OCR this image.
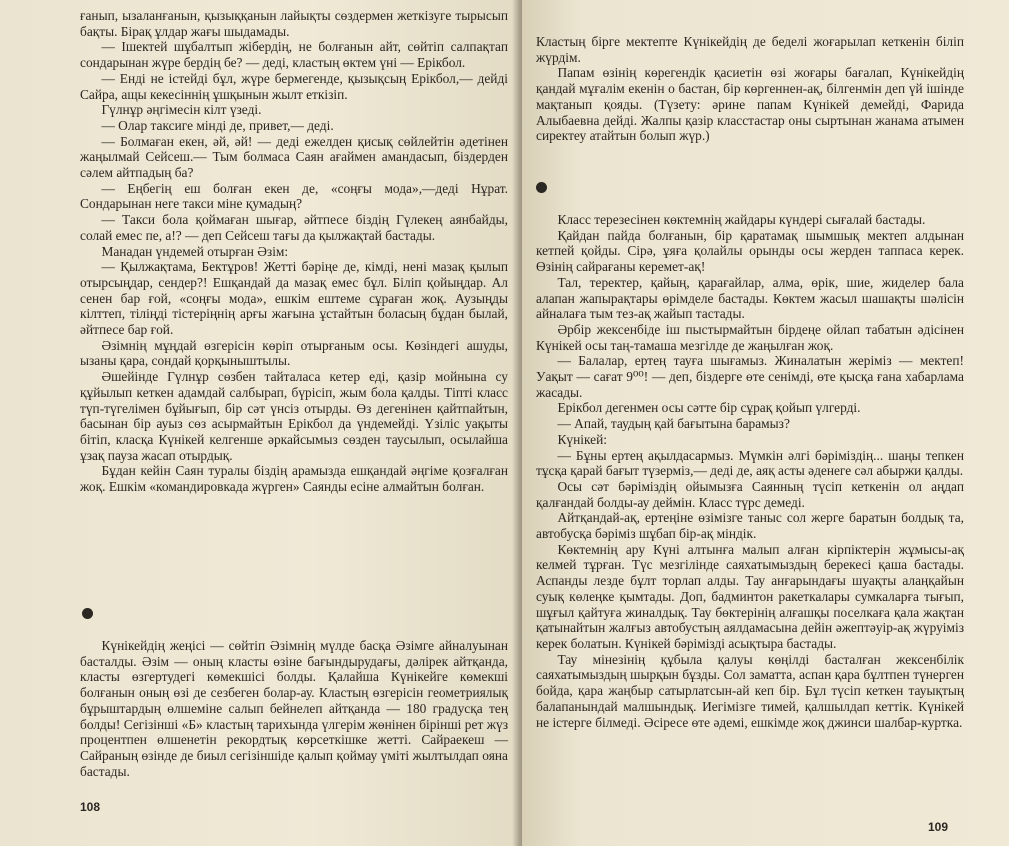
ғанып, ызаланғанын, қызыққанын лайықты сөздермен жеткізуге тырысып бақты. Бірақ ұлдар жағы шыдамады.

— Ішектей шұбалтып жібердің, не болғанын айт, сөйтіп салпақтап сондарынан жүре бердің бе? — деді, кластың өктем үні — Ерікбол.

— Енді не істейді бұл, жүре бермегенде, қызықсың Ерікбол,— дейді Сайра, ащы кекесіннің ұшқынын жылт еткізіп.

Гүлнұр әңгімесін кілт үзеді.

— Олар таксиге мінді де, привет,— деді.

— Болмаған екен, әй, әй! — деді ежелден қисық сөйлейтін әдетінен жаңылмай Сейсеш.— Тым болмаса Саян ағаймен амандасып, біздерден сәлем айтпадың ба?

— Еңбегің еш болған екен де, «соңғы мода»,—деді Нұрат. Сондарынан неге такси міне қумадың?

— Такси бола қоймаған шығар, әйтпесе біздің Гүлекең аянбайды, солай емес пе, а!? — деп Сейсеш тағы да қылжақтай бастады.

Манадан үндемей отырған Әзім:

— Қылжақтама, Бектұров! Жетті бәріңе де, кімді, нені мазақ қылып отырсыңдар, сендер?! Ешқандай да мазақ емес бұл. Біліп қойыңдар. Ал сенен бар ғой, «соңғы мода», ешкім ештеме сұраған жоқ. Аузыңды кілттеп, тіліңді тістеріңнің арғы жағына ұстайтын боласың бұдан былай, әйтпесе бар ғой.

Әзімнің мұңдай өзгерісін көріп отырғаным осы. Көзіндегі ашуды, ызаны қара, сондай қорқыныштылы.

Әшейінде Гүлнұр сөзбен тайталаса кетер еді, қазір мойнына су құйылып кеткен адамдай салбырап, бүрісіп, жым бола қалды. Тіпті класс түп-түгелімен бұйығып, бір сәт үнсіз отырды. Өз дегенінен қайтпайтын, басынан бір ауыз сөз асырмайтын Ерікбол да үндемейді. Үзіліс уақыты бітіп, класқа Күнікей келгенше әркайсымыз сөзден таусылып, осылайша ұзақ пауза жасап отырдық.

Бұдан кейін Саян туралы біздің арамызда ешқандай әңгіме қозғалған жоқ. Ешкім «командировкада жүрген» Саянды есіне алмайтын болған.

Күнікейдің жеңісі — сөйтіп Әзімнің мүлде басқа Әзімге айналуынан басталды. Әзім — оның класты өзіне бағындырудағы, дәлірек айтқанда, класты өзгертудегі көмекшісі болды. Қалайша Күнікейге көмекші болғанын оның өзі де сезбеген болар-ау. Кластың өзгерісін геометриялық бұрыштардың өлшеміне салып бейнелеп айтқанда — 180 градусқа тең болды! Сегізінші «Б» кластың тарихында үлгерім жөнінен бірінші рет жүз процентпен өлшенетін рекордтық көрсеткішке жетті. Сайраекеш — Сайраның өзінде де биыл сегізіншіде қалып қоймау үміті жылтылдап ояна бастады.

108

Кластың бірге мектепте Күнікейдің де беделі жоғарылап кеткенін біліп жүрдім.

Папам өзінің көрегендік қасиетін өзі жоғары бағалап, Күнікейдің қандай мұғалім екенін о бастан, бір көргеннен-ақ, білгенмін деп үй ішінде мақтанып қояды. (Түзету: әрине папам Күнікей демейді, Фарида Алыбаевна дейді. Жалпы қазір класстастар оны сыртынан жанама атымен сиректеу атайтын болып жүр.)

Класс терезесінен көктемнің жайдары күндері сығалай бастады.

Қайдан пайда болғанын, бір қаратамақ шымшық мектеп алдынан кетпей қойды. Сірә, ұяға қолайлы орынды осы жерден таппаса керек. Өзінің сайрағаны керемет-ақ!

Тал, теректер, қайың, қарағайлар, алма, өрік, шие, жиделер бала алапан жапырақтары өрімделе бастады. Көктем жасыл шашақты шәлісін айналаға тым тез-ақ жайып тастады.

Әрбір жексенбіде іш пыстырмайтын бірдеңе ойлап табатын әдісінен Күнікей осы таң-тамаша мезгілде де жаңылған жоқ.

— Балалар, ертең тауға шығамыз. Жиналатын жеріміз — мектеп! Уақыт — сағат 9⁰⁰! — деп, біздерге өте сенімді, өте қысқа ғана хабарлама жасады.

Ерікбол дегенмен осы сәтте бір сұрақ қойып үлгерді.

— Апай, таудың қай бағытына барамыз?

Күнікей:

— Бұны ертең ақылдасармыз. Мүмкін әлгі бәріміздің... шаңы тепкен тұсқа қарай бағыт түзерміз,— деді де, аяқ асты әденеге сәл абыржи қалды.

Осы сәт бәріміздің ойымызға Саянның түсіп кеткенін ол аңдап қалғандай болды-ау деймін. Класс түрс демеді.

Айтқандай-ақ, ертеңіне өзімізге таныс сол жерге баратын болдық та, автобусқа бәріміз шұбап бір-ақ міндік.

Көктемнің ару Күні алтынға малып алған кірпіктерін жұмысы-ақ келмей тұрған. Түс мезгілінде саяхатымыздың берекесі қаша бастады. Аспанды лезде бұлт торлап алды. Тау анғарындағы шуақты алаңқайын суық көлеңке қымтады. Доп, бадминтон ракеткалары сумкаларға тығып, шұғыл қайтуға жиналдық. Тау бөктерінің алғашқы поселкаға қала жақтан қатынайтын жалғыз автобустың аялдамасына дейін әжептәуір-ақ жүруіміз керек болатын. Күнікей бәрімізді асықтыра бастады.

Тау мінезінің құбыла қалуы көңілді басталған жексенбілік саяхатымыздың шырқын бұзды. Сол заматта, аспан қара бұлтпен түнерген бойда, қара жаңбыр сатырлатсын-ай кеп бір. Бұл түсіп кеткен тауықтың балапанындай малшындық. Иегімізге тимей, қалшылдап кеттік. Күнікей не істерге білмеді. Әсіресе өте әдемі, ешкімде жоқ джинси шалбар-куртка.

109
